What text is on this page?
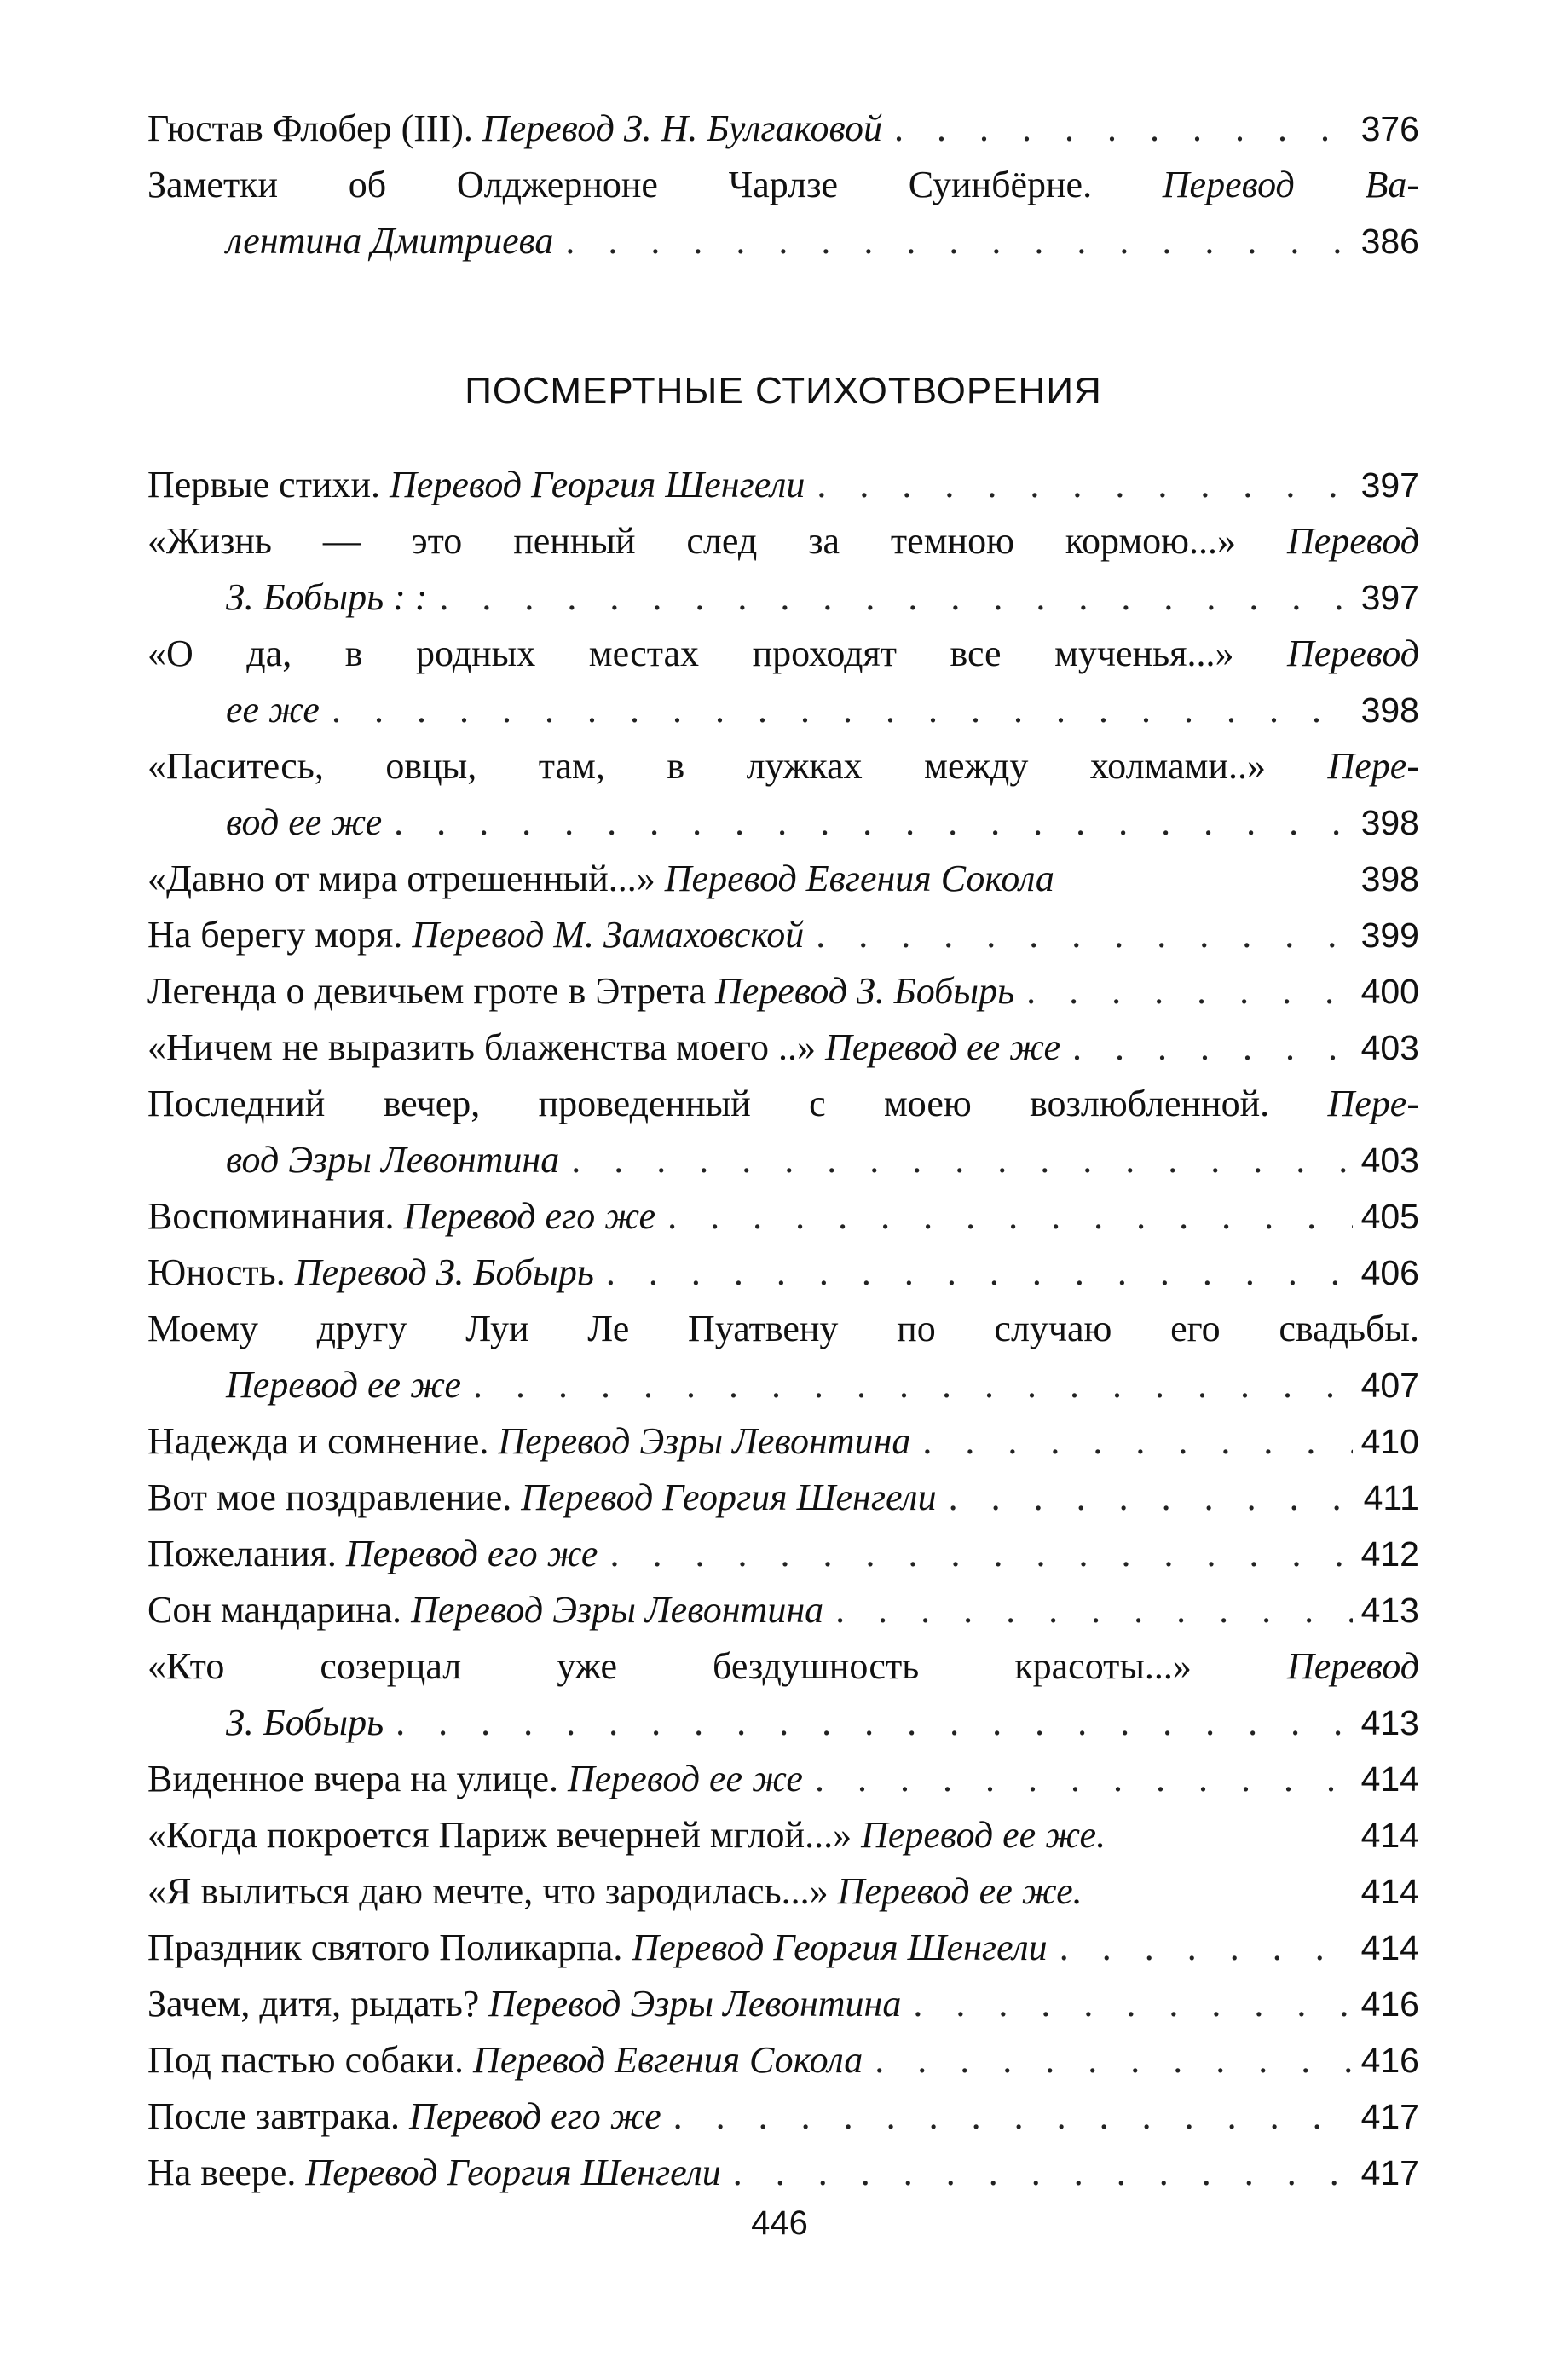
Гюстав Флобер (III). Перевод З. Н. Булгаковой . . .	376
Заметки об Олджерноне Чарлзе Суинбёрне. Перевод Ва-
лентина Дмитриева . . .	386
ПОСМЕРТНЫЕ СТИХОТВОРЕНИЯ
Первые стихи. Перевод Георгия Шенгели . . .	397
«Жизнь — это пенный след за темною кормою...» Перевод
З. Бобырь : : . . .	397
«О да, в родных местах проходят все мученья...» Перевод
ее же . . .	398
«Паситесь, овцы, там, в лужках между холмами..» Пере-
вод ее же . . .	398
«Давно от мира отрешенный...» Перевод Евгения Сокола	398
На берегу моря. Перевод М. Замаховской . . .	399
Легенда о девичьем гроте в Этрета Перевод З. Бобырь . . .	400
«Ничем не выразить блаженства моего ..» Перевод ее же . . .	403
Последний вечер, проведенный с моею возлюбленной. Пере-
вод Эзры Левонтина . . .	403
Воспоминания. Перевод его же . . .	405
Юность. Перевод З. Бобырь . . .	406
Моему другу Луи Ле Пуатвену по случаю его свадьбы.
Перевод ее же . . .	407
Надежда и сомнение. Перевод Эзры Левонтина . . .	410
Вот мое поздравление. Перевод Георгия Шенгели . . .	411
Пожелания. Перевод его же . . .	412
Сон мандарина. Перевод Эзры Левонтина . . .	413
«Кто созерцал уже бездушность красоты...» Перевод
З. Бобырь . . .	413
Виденное вчера на улице. Перевод ее же . . .	414
«Когда покроется Париж вечерней мглой...» Перевод ее же.	414
«Я вылиться даю мечте, что зародилась...» Перевод ее же.	414
Праздник святого Поликарпа. Перевод Георгия Шенгели . . .	414
Зачем, дитя, рыдать? Перевод Эзры Левонтина . . .	416
Под пастью собаки. Перевод Евгения Сокола . . .	416
После завтрака. Перевод его же . . .	417
На веере. Перевод Георгия Шенгели . . .	417
446
